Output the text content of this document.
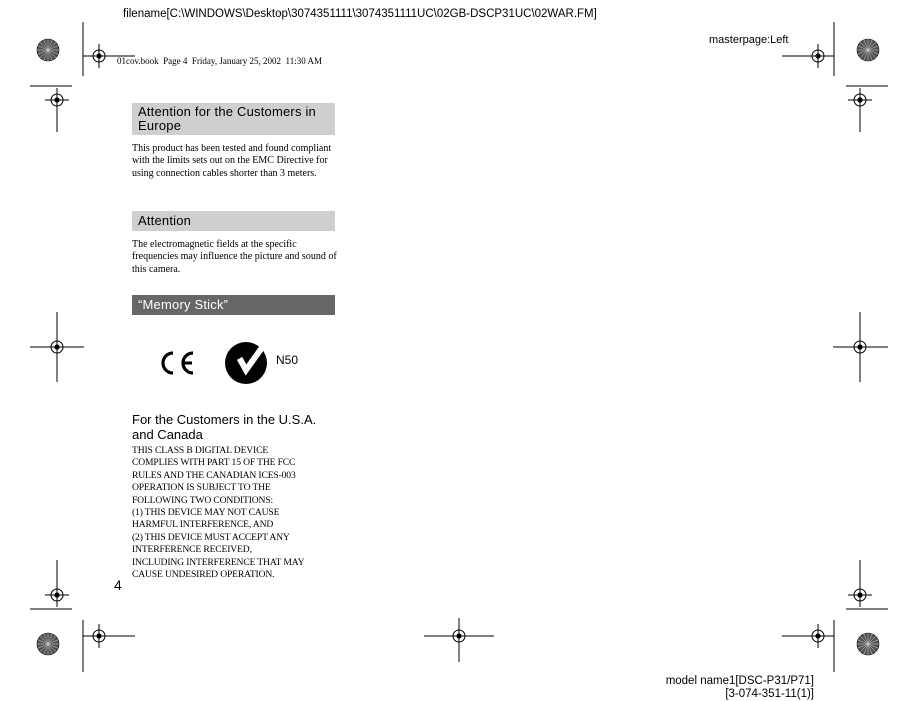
filename[C:\WINDOWS\Desktop\3074351111\3074351111UC\02GB-DSCP31UC\02WAR.FM]
masterpage:Left
01cov.book  Page 4  Friday, January 25, 2002  11:30 AM
Attention for the Customers in Europe
This product has been tested and found compliant with the limits sets out on the EMC Directive for using connection cables shorter than 3 meters.
Attention
The electromagnetic fields at the specific frequencies may influence the picture and sound of this camera.
“Memory Stick”
N50
For the Customers in the U.S.A. and Canada
THIS CLASS B DIGITAL DEVICE
COMPLIES WITH PART 15 OF THE FCC
RULES AND THE CANADIAN ICES-003
OPERATION IS SUBJECT TO THE
FOLLOWING TWO CONDITIONS:
(1) THIS DEVICE MAY NOT CAUSE
HARMFUL INTERFERENCE, AND
(2) THIS DEVICE MUST ACCEPT ANY
INTERFERENCE RECEIVED,
INCLUDING INTERFERENCE THAT MAY
CAUSE UNDESIRED OPERATION.
4
model name1[DSC-P31/P71]
[3-074-351-11(1)]
